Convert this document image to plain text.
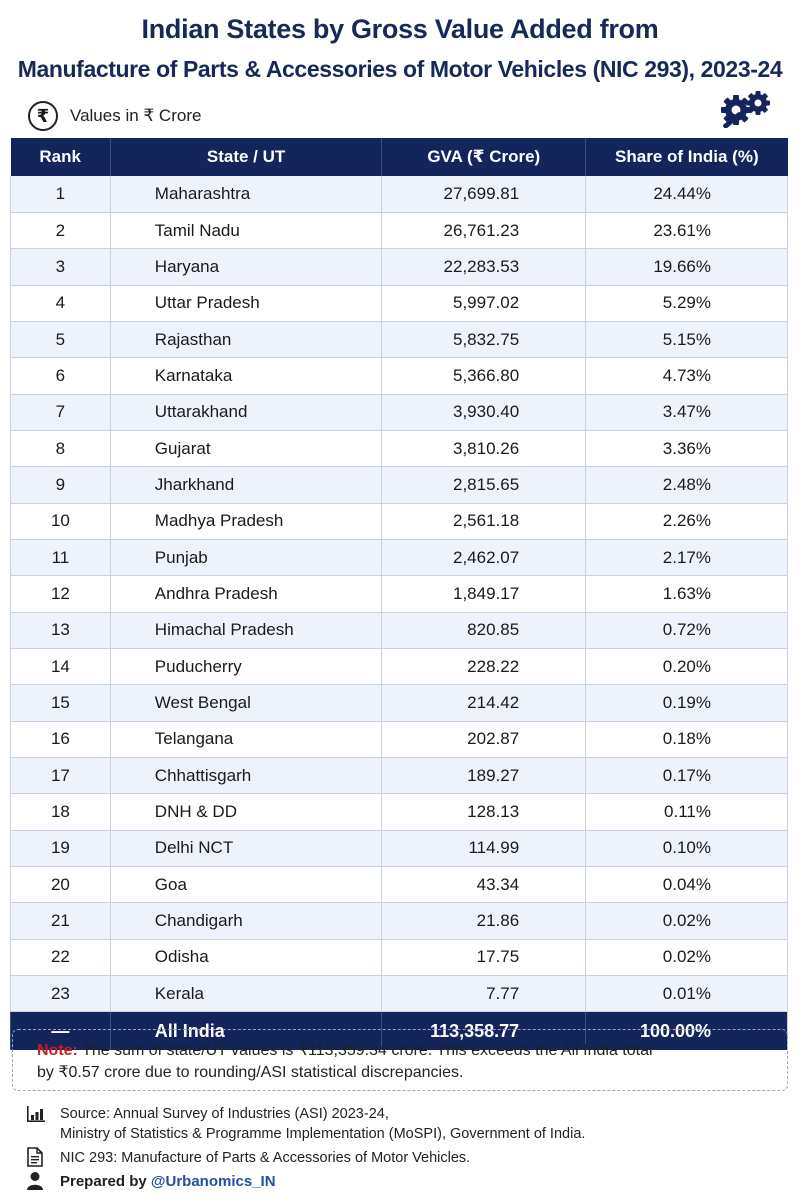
Indian States by Gross Value Added from
Manufacture of Parts & Accessories of Motor Vehicles (NIC 293), 2023-24
₹ Values in ₹ Crore
Rank	State / UT	GVA (₹ Crore)	Share of India (%)
1	Maharashtra	27,699.81	24.44%
2	Tamil Nadu	26,761.23	23.61%
3	Haryana	22,283.53	19.66%
4	Uttar Pradesh	5,997.02	5.29%
5	Rajasthan	5,832.75	5.15%
6	Karnataka	5,366.80	4.73%
7	Uttarakhand	3,930.40	3.47%
8	Gujarat	3,810.26	3.36%
9	Jharkhand	2,815.65	2.48%
10	Madhya Pradesh	2,561.18	2.26%
11	Punjab	2,462.07	2.17%
12	Andhra Pradesh	1,849.17	1.63%
13	Himachal Pradesh	820.85	0.72%
14	Puducherry	228.22	0.20%
15	West Bengal	214.42	0.19%
16	Telangana	202.87	0.18%
17	Chhattisgarh	189.27	0.17%
18	DNH & DD	128.13	0.11%
19	Delhi NCT	114.99	0.10%
20	Goa	43.34	0.04%
21	Chandigarh	21.86	0.02%
22	Odisha	17.75	0.02%
23	Kerala	7.77	0.01%
—	All India	113,358.77	100.00%
Note: The sum of state/UT values is ₹113,359.34 crore. This exceeds the All India total
by ₹0.57 crore due to rounding/ASI statistical discrepancies.
Source: Annual Survey of Industries (ASI) 2023-24,
Ministry of Statistics & Programme Implementation (MoSPI), Government of India.
NIC 293: Manufacture of Parts & Accessories of Motor Vehicles.
Prepared by @Urbanomics_IN
